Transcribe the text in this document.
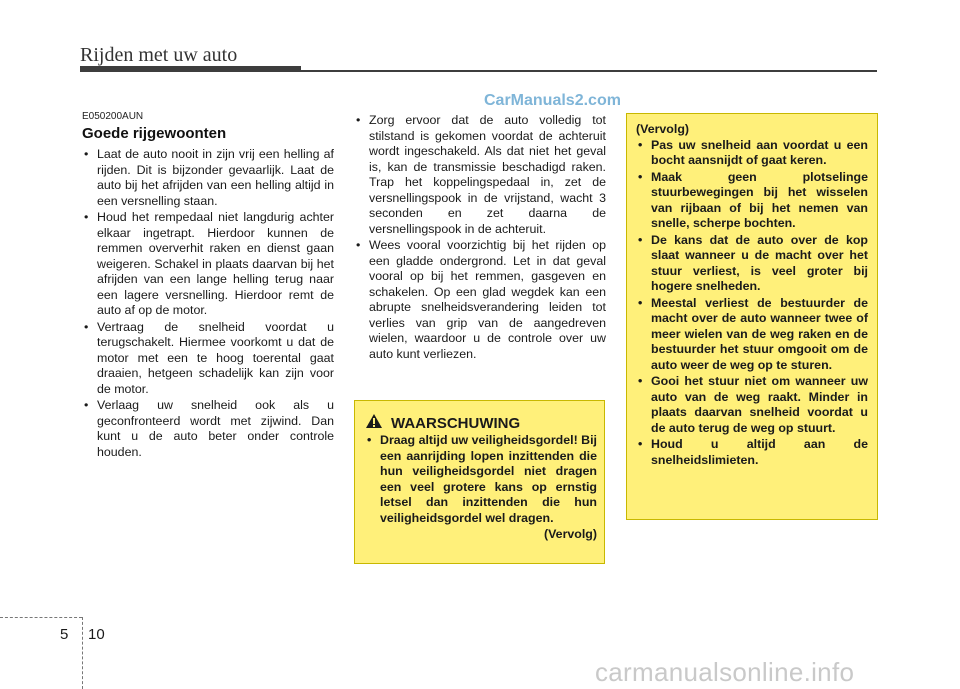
Rijden met uw auto
CarManuals2.com
E050200AUN
Goede rijgewoonten
• Laat de auto nooit in zijn vrij een helling af rijden. Dit is bijzonder gevaarlijk. Laat de auto bij het afrijden van een helling altijd in een versnelling staan.
• Houd het rempedaal niet langdurig achter elkaar ingetrapt. Hierdoor kunnen de remmen oververhit raken en dienst gaan weigeren. Schakel in plaats daarvan bij het afrijden van een lange helling terug naar een lagere versnelling. Hierdoor remt de auto af op de motor.
• Vertraag de snelheid voordat u terugschakelt. Hiermee voorkomt u dat de motor met een te hoog toerental gaat draaien, hetgeen schadelijk kan zijn voor de motor.
• Verlaag uw snelheid ook als u geconfronteerd wordt met zijwind. Dan kunt u de auto beter onder controle houden.
• Zorg ervoor dat de auto volledig tot stilstand is gekomen voordat de achteruit wordt ingeschakeld. Als dat niet het geval is, kan de transmissie beschadigd raken. Trap het koppelingspedaal in, zet de versnellingspook in de vrijstand, wacht 3 seconden en zet daarna de versnellingspook in de achteruit.
• Wees vooral voorzichtig bij het rijden op een gladde ondergrond. Let in dat geval vooral op bij het remmen, gasgeven en schakelen. Op een glad wegdek kan een abrupte snelheidsverandering leiden tot verlies van grip van de aangedreven wielen, waardoor u de controle over uw auto kunt verliezen.
WAARSCHUWING
• Draag altijd uw veiligheidsgordel! Bij een aanrijding lopen inzittenden die hun veiligheidsgordel niet dragen een veel grotere kans op ernstig letsel dan inzittenden die hun veiligheidsgordel wel dragen.
(Vervolg)
(Vervolg)
• Pas uw snelheid aan voordat u een bocht aansnijdt of gaat keren.
• Maak geen plotselinge stuurbewegingen bij het wisselen van rijbaan of bij het nemen van snelle, scherpe bochten.
• De kans dat de auto over de kop slaat wanneer u de macht over het stuur verliest, is veel groter bij hogere snelheden.
• Meestal verliest de bestuurder de macht over de auto wanneer twee of meer wielen van de weg raken en de bestuurder het stuur omgooit om de auto weer de weg op te sturen.
• Gooi het stuur niet om wanneer uw auto van de weg raakt. Minder in plaats daarvan snelheid voordat u de auto terug de weg op stuurt.
• Houd u altijd aan de snelheidslimieten.
5 10
carmanualsonline.info
